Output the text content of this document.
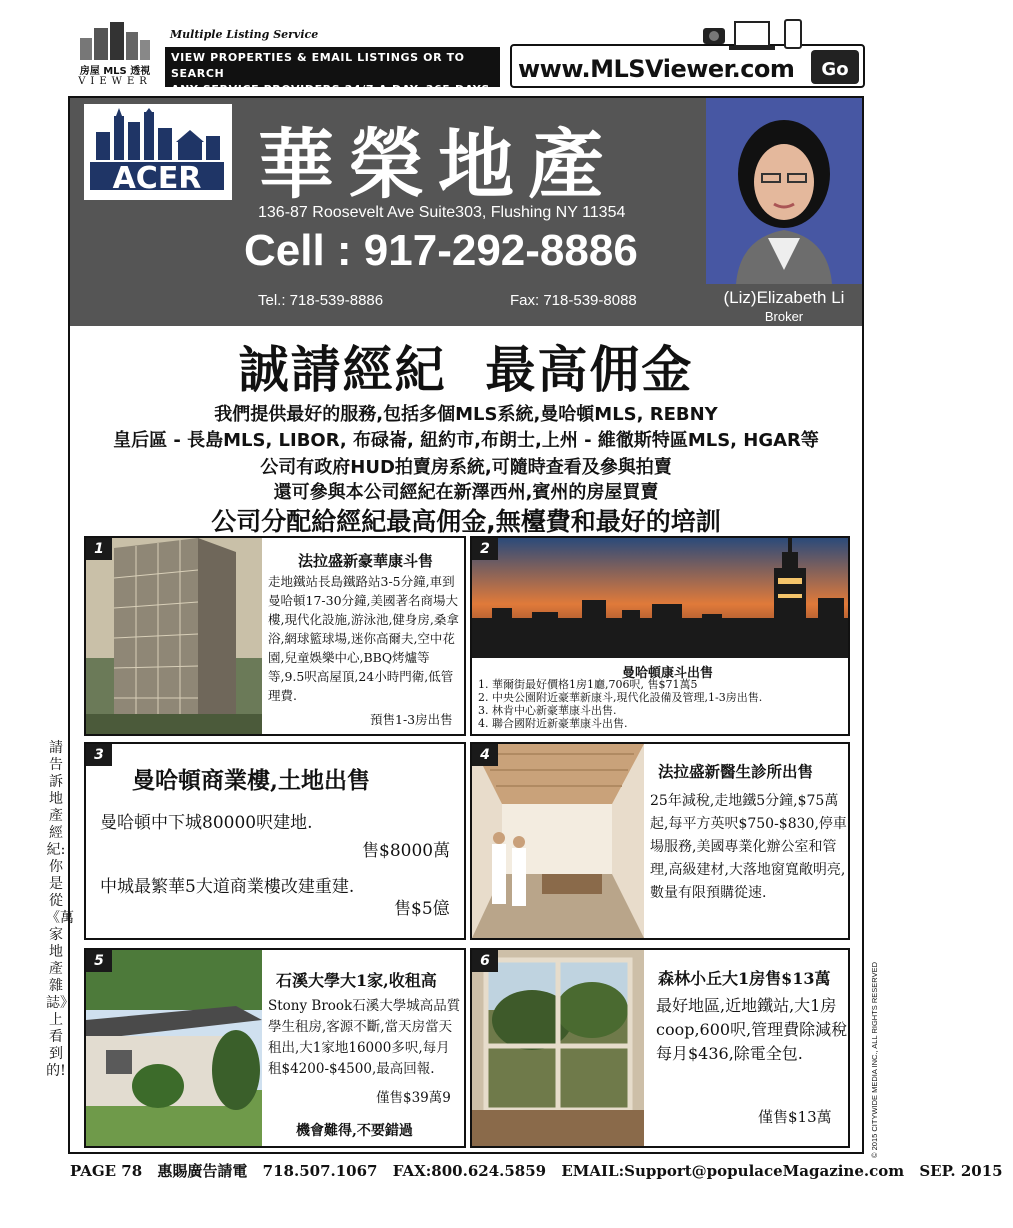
房屋 MLS 透視
VIEWER
Multiple Listing Service
VIEW PROPERTIES & EMAIL LISTINGS OR TO SEARCH
ANY SERVICE PROVIDERS 24/7 A DAY, 365 DAYS
www.MLSViewer.com	Go
ACER 華榮地產
136-87 Roosevelt Ave Suite303, Flushing NY 11354
Cell : 917-292-8886
Tel.: 718-539-8886	Fax: 718-539-8088	(Liz)Elizabeth Li
Broker
誠請經紀  最高佣金
我們提供最好的服務,包括多個MLS系統,曼哈頓MLS, REBNY
皇后區 - 長島MLS, LIBOR, 布碌崙, 紐約市,布朗士,上州 - 維徹斯特區MLS, HGAR等
公司有政府HUD拍賣房系統,可隨時查看及參與拍賣
還可參與本公司經紀在新澤西州,賓州的房屋買賣
公司分配給經紀最高佣金,無檯費和最好的培訓
1
法拉盛新豪華康斗售
走地鐵站長島鐵路站3-5分鐘,車到曼哈頓17-30分鐘,美國著名商場大樓,現代化設施,游泳池,健身房,桑拿浴,網球籃球場,迷你高爾夫,空中花園,兒童娛樂中心,BBQ烤爐等等,9.5呎高屋頂,24小時門衛,低管理費.
預售1-3房出售
2
曼哈頓康斗出售
1. 華爾街最好價格1房1廳,706呎, 售$71萬5
2. 中央公園附近豪華新康斗,現代化設備及管理,1-3房出售.
3. 林肯中心新豪華康斗出售.
4. 聯合國附近新豪華康斗出售.
3
曼哈頓商業樓,土地出售
曼哈頓中下城80000呎建地.
售$8000萬
中城最繁華5大道商業樓改建重建.
售$5億
4
法拉盛新醫生診所出售
25年減稅,走地鐵5分鐘,$75萬起,每平方英呎$750-$830,停車場服務,美國專業化辦公室和管理,高級建材,大落地窗寬敞明亮,數量有限預購從速.
5
石溪大學大1家,收租高
Stony Brook石溪大學城高品質學生租房,客源不斷,當天房當天租出,大1家地16000多呎,每月租$4200-$4500,最高回報.
僅售$39萬9
機會難得,不要錯過
6
森林小丘大1房售$13萬
最好地區,近地鐵站,大1房coop,600呎,管理費除減稅每月$436,除電全包.
僅售$13萬
請告訴地產經紀:你是從《萬家地產雜誌》上看到的!	© 2015 CITYWIDE MEDIA INC., ALL RIGHTS RESERVED
PAGE 78 惠賜廣告請電 718.507.1067 FAX:800.624.5859 EMAIL:Support@populaceMagazine.com SEP. 2015
